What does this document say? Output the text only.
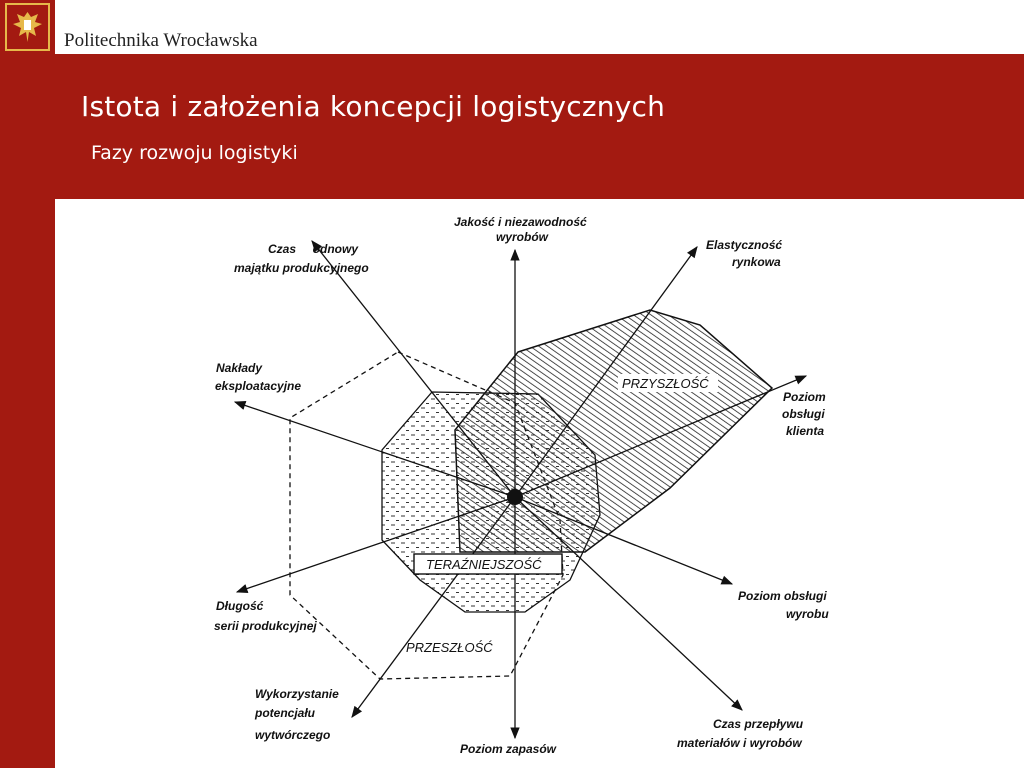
Politechnika Wrocławska
Istota i założenia koncepcji logistycznych
Fazy rozwoju logistyki
Jakość i niezawodność wyrobów
Elastyczność rynkowa
Poziom obsługi klienta
Poziom obsługi wyrobu
Czas przepływu materiałów i wyrobów
Poziom zapasów
Wykorzystanie potencjału wytwórczego
Długość serii produkcyjnej
Nakłady eksploatacyjne
Czas     odnowy majątku produkcyjnego
PRZYSZŁOŚĆ
TERAŹNIEJSZOŚĆ
PRZESZŁOŚĆ
